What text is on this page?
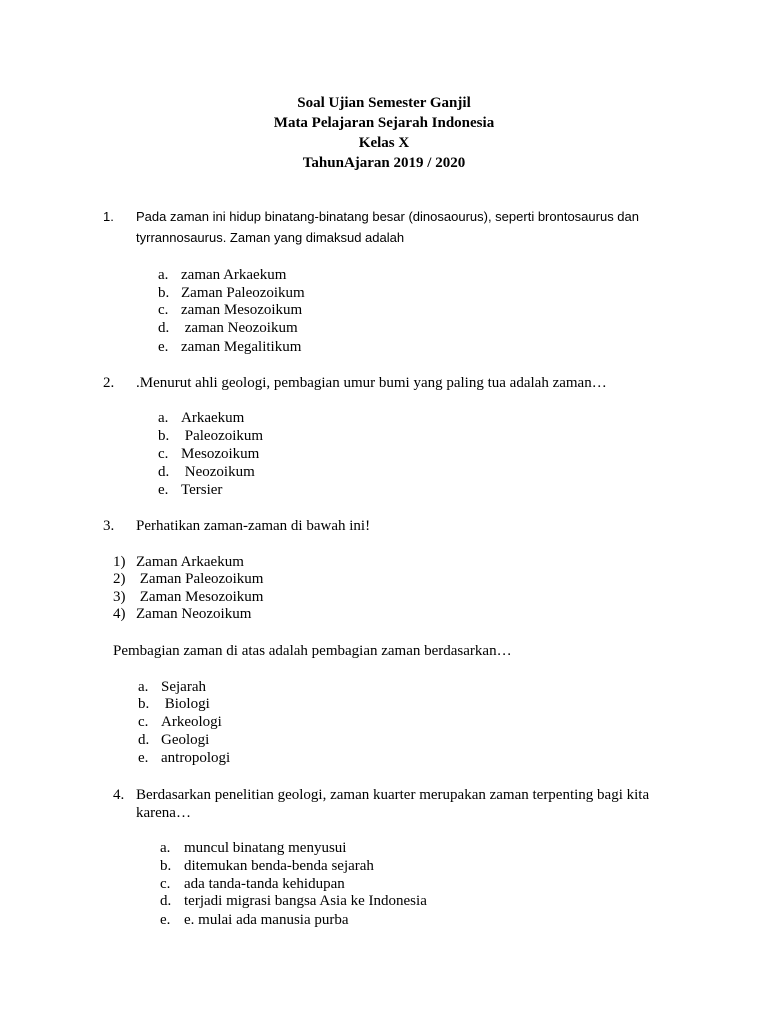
Soal Ujian Semester Ganjil
Mata Pelajaran Sejarah Indonesia
Kelas X
TahunAjaran 2019 / 2020
1. Pada zaman ini hidup binatang-binatang besar (dinosaourus), seperti brontosaurus dan
tyrrannosaurus. Zaman yang dimaksud adalah
a. zaman Arkaekum
b. Zaman Paleozoikum
c. zaman Mesozoikum
d. zaman Neozoikum
e. zaman Megalitikum
2. .Menurut ahli geologi, pembagian umur bumi yang paling tua adalah zaman…
a. Arkaekum
b. Paleozoikum
c. Mesozoikum
d. Neozoikum
e. Tersier
3. Perhatikan zaman-zaman di bawah ini!
1) Zaman Arkaekum
2) Zaman Paleozoikum
3) Zaman Mesozoikum
4) Zaman Neozoikum
Pembagian zaman di atas adalah pembagian zaman berdasarkan…
a. Sejarah
b. Biologi
c. Arkeologi
d. Geologi
e. antropologi
4. Berdasarkan penelitian geologi, zaman kuarter merupakan zaman terpenting bagi kita
karena…
a. muncul binatang menyusui
b. ditemukan benda-benda sejarah
c. ada tanda-tanda kehidupan
d. terjadi migrasi bangsa Asia ke Indonesia
e. e. mulai ada manusia purba
